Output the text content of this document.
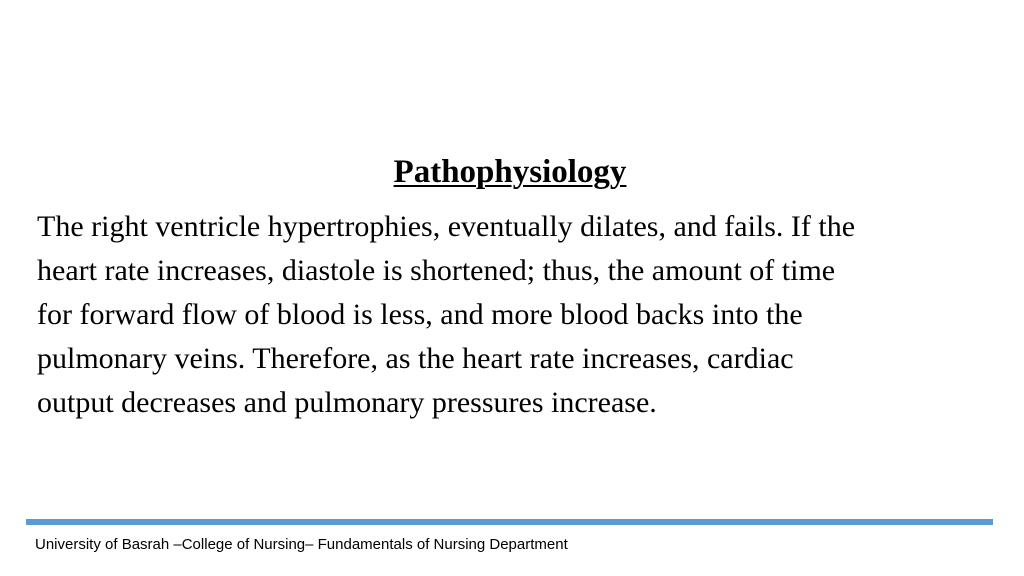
Pathophysiology
The right ventricle hypertrophies, eventually dilates, and fails. If the
heart rate increases, diastole is shortened; thus, the amount of time
for forward flow of blood is less, and more blood backs into the
pulmonary veins. Therefore, as the heart rate increases, cardiac
output decreases and pulmonary pressures increase.
University of Basrah –College of Nursing– Fundamentals of Nursing Department
